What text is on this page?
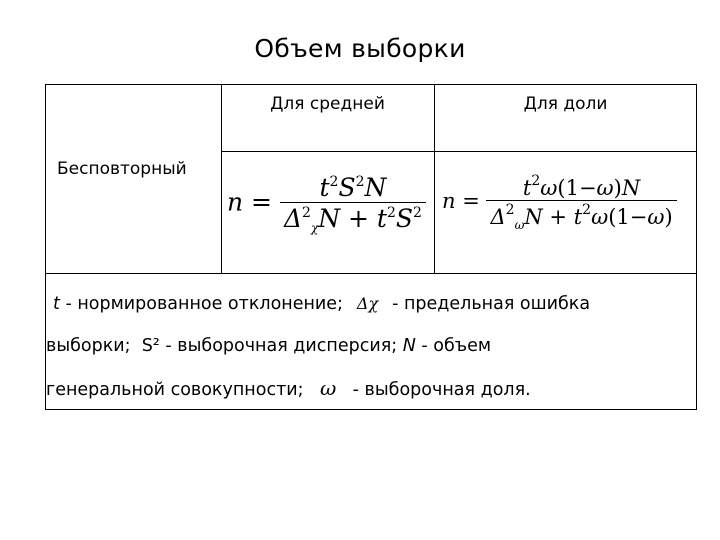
Объем выборки
Для средней	Для доли
Бесповторный
$n = \frac{t^2S^2N}{\Delta^2_\chi N + t^2S^2}$ $n = \frac{t^2\omega(1-\omega)N}{\Delta^2_\omega N + t^2\omega(1-\omega)}$
t - нормированное отклонение; Δχ - предельная ошибка
выборки;  S² - выборочная дисперсия; N - объем
генеральной совокупности; ω - выборочная доля.
